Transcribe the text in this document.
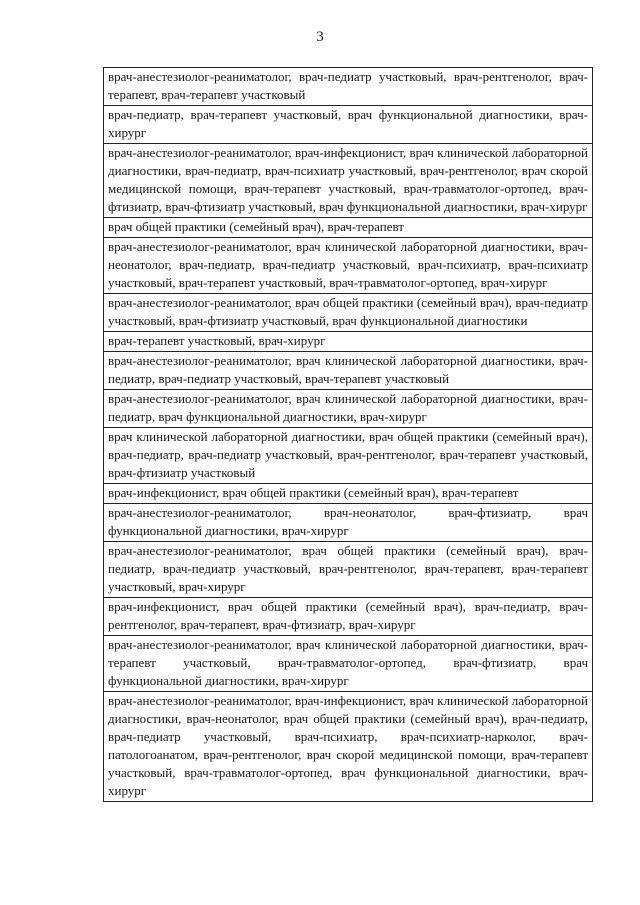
3
врач-анестезиолог-реаниматолог, врач-педиатр участковый, врач-рентгенолог, врач-терапевт, врач-терапевт участковый
врач-педиатр, врач-терапевт участковый, врач функциональной диагностики, врач-хирург
врач-анестезиолог-реаниматолог, врач-инфекционист, врач клинической лабораторной диагностики, врач-педиатр, врач-психиатр участковый, врач-рентгенолог, врач скорой медицинской помощи, врач-терапевт участковый, врач-травматолог-ортопед, врач-фтизиатр, врач-фтизиатр участковый, врач функциональной диагностики, врач-хирург
врач общей практики (семейный врач), врач-терапевт
врач-анестезиолог-реаниматолог, врач клинической лабораторной диагностики, врач-неонатолог, врач-педиатр, врач-педиатр участковый, врач-психиатр, врач-психиатр участковый, врач-терапевт участковый, врач-травматолог-ортопед, врач-хирург
врач-анестезиолог-реаниматолог, врач общей практики (семейный врач), врач-педиатр участковый, врач-фтизиатр участковый, врач функциональной диагностики
врач-терапевт участковый, врач-хирург
врач-анестезиолог-реаниматолог, врач клинической лабораторной диагностики, врач-педиатр, врач-педиатр участковый, врач-терапевт участковый
врач-анестезиолог-реаниматолог, врач клинической лабораторной диагностики, врач-педиатр, врач функциональной диагностики, врач-хирург
врач клинической лабораторной диагностики, врач общей практики (семейный врач), врач-педиатр, врач-педиатр участковый, врач-рентгенолог, врач-терапевт участковый, врач-фтизиатр участковый
врач-инфекционист, врач общей практики (семейный врач), врач-терапевт
врач-анестезиолог-реаниматолог, врач-неонатолог, врач-фтизиатр, врач функциональной диагностики, врач-хирург
врач-анестезиолог-реаниматолог, врач общей практики (семейный врач), врач-педиатр, врач-педиатр участковый, врач-рентгенолог, врач-терапевт, врач-терапевт участковый, врач-хирург
врач-инфекционист, врач общей практики (семейный врач), врач-педиатр, врач-рентгенолог, врач-терапевт, врач-фтизиатр, врач-хирург
врач-анестезиолог-реаниматолог, врач клинической лабораторной диагностики, врач-терапевт участковый, врач-травматолог-ортопед, врач-фтизиатр, врач функциональной диагностики, врач-хирург
врач-анестезиолог-реаниматолог, врач-инфекционист, врач клинической лабораторной диагностики, врач-неонатолог, врач общей практики (семейный врач), врач-педиатр, врач-педиатр участковый, врач-психиатр, врач-психиатр-нарколог, врач-патологоанатом, врач-рентгенолог, врач скорой медицинской помощи, врач-терапевт участковый, врач-травматолог-ортопед, врач функциональной диагностики, врач-хирург
